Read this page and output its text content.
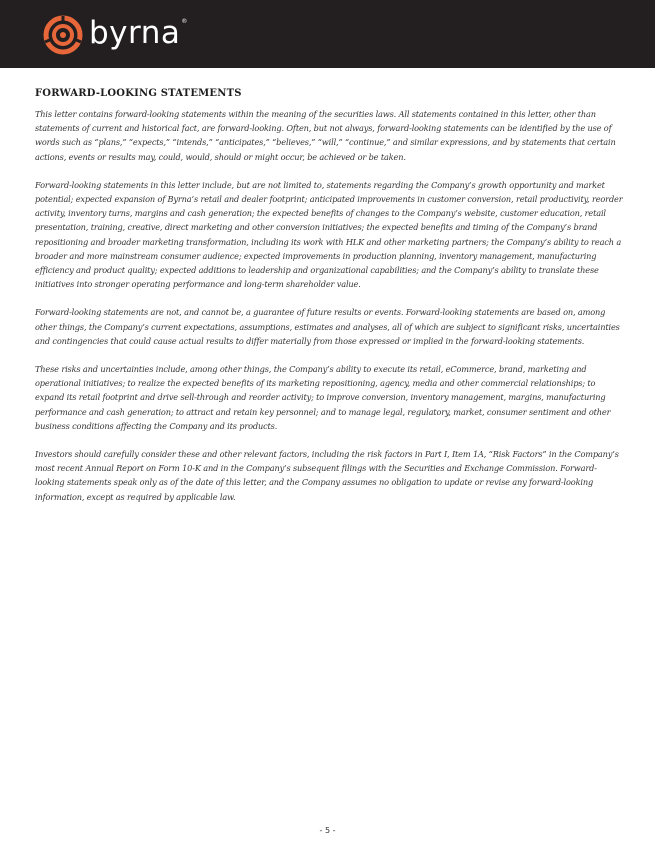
byrna ®
FORWARD-LOOKING STATEMENTS

This letter contains forward-looking statements within the meaning of the securities laws. All statements contained in this letter, other than statements of current and historical fact, are forward-looking. Often, but not always, forward-looking statements can be identified by the use of words such as “plans,” “expects,” “intends,” “anticipates,” “believes,” “will,” “continue,” and similar expressions, and by statements that certain actions, events or results may, could, would, should or might occur, be achieved or be taken.

Forward-looking statements in this letter include, but are not limited to, statements regarding the Company’s growth opportunity and market potential; expected expansion of Byrna’s retail and dealer footprint; anticipated improvements in customer conversion, retail productivity, reorder activity, inventory turns, margins and cash generation; the expected benefits of changes to the Company’s website, customer education, retail presentation, training, creative, direct marketing and other conversion initiatives; the expected benefits and timing of the Company’s brand repositioning and broader marketing transformation, including its work with HLK and other marketing partners; the Company’s ability to reach a broader and more mainstream consumer audience; expected improvements in production planning, inventory management, manufacturing efficiency and product quality; expected additions to leadership and organizational capabilities; and the Company’s ability to translate these initiatives into stronger operating performance and long-term shareholder value.

Forward-looking statements are not, and cannot be, a guarantee of future results or events. Forward-looking statements are based on, among other things, the Company’s current expectations, assumptions, estimates and analyses, all of which are subject to significant risks, uncertainties and contingencies that could cause actual results to differ materially from those expressed or implied in the forward-looking statements.

These risks and uncertainties include, among other things, the Company’s ability to execute its retail, eCommerce, brand, marketing and operational initiatives; to realize the expected benefits of its marketing repositioning, agency, media and other commercial relationships; to expand its retail footprint and drive sell-through and reorder activity; to improve conversion, inventory management, margins, manufacturing performance and cash generation; to attract and retain key personnel; and to manage legal, regulatory, market, consumer sentiment and other business conditions affecting the Company and its products.

Investors should carefully consider these and other relevant factors, including the risk factors in Part I, Item 1A, “Risk Factors” in the Company’s most recent Annual Report on Form 10-K and in the Company’s subsequent filings with the Securities and Exchange Commission. Forward-looking statements speak only as of the date of this letter, and the Company assumes no obligation to update or revise any forward-looking information, except as required by applicable law.

- 5 -
